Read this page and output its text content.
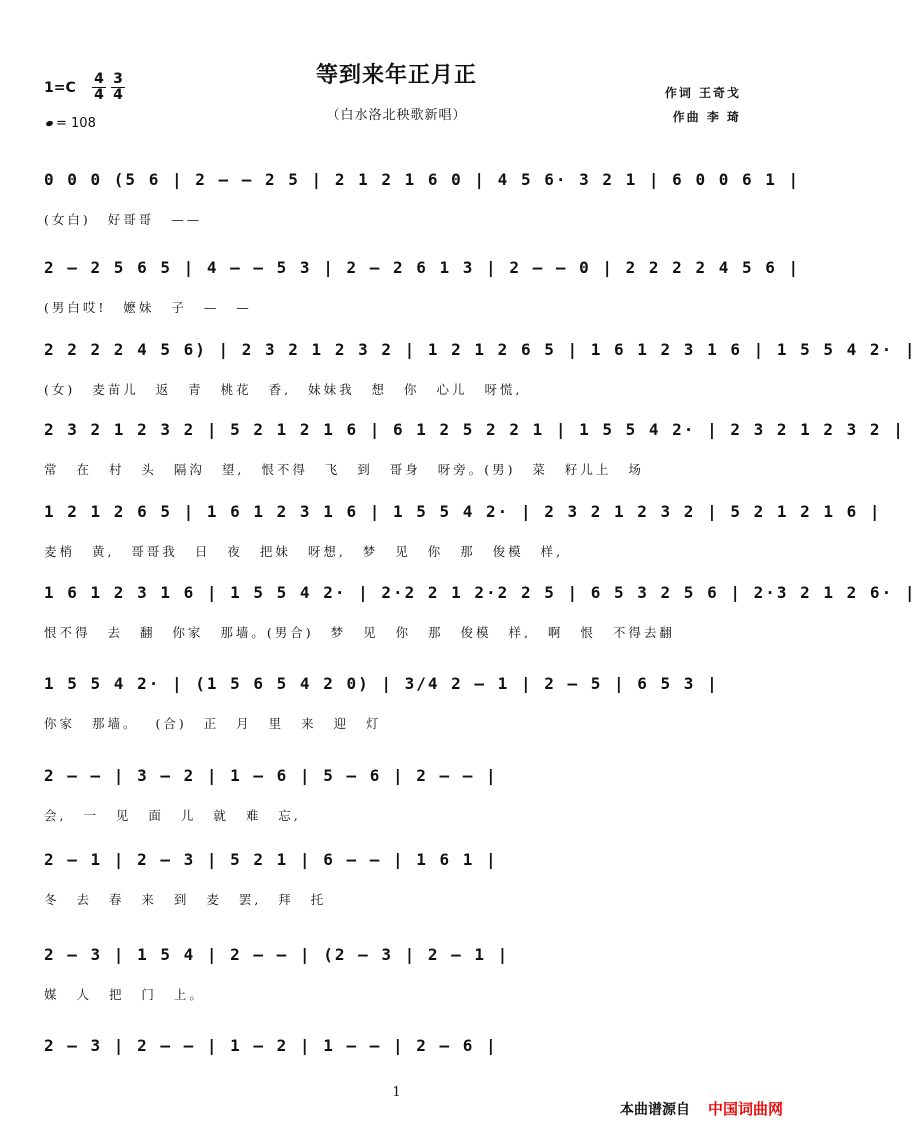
等到来年正月正
（白水洛北秧歌新唱）
1=C
4
4
3
4
= 108
作词 王奇戈
作曲 李 琦
0 0 0 (5 6 | 2 – – 2 5 | 2 1 2 1 6 0 | 4 5 6· 3 2 1 | 6 0 0 6 1 |
(女白) 好哥哥 ——
2 – 2 5 6 5 | 4 – – 5 3 | 2 – 2 6 1 3 | 2 – – 0 | 2 2 2 2 4 5 6 |
(男白哎! 嬷妹 子 — —
2 2 2 2 4 5 6) | 2 3 2 1 2 3 2 | 1 2 1 2 6 5 | 1 6 1 2 3 1 6 | 1 5 5 4 2· |
(女) 麦苗儿 返 青 桃花 香, 妹妹我 想 你 心儿 呀慌,
2 3 2 1 2 3 2 | 5 2 1 2 1 6 | 6 1 2 5 2 2 1 | 1 5 5 4 2· | 2 3 2 1 2 3 2 |
常 在 村 头 隔沟 望, 恨不得 飞 到 哥身 呀旁。(男) 菜 籽儿上 场
1 2 1 2 6 5 | 1 6 1 2 3 1 6 | 1 5 5 4 2· | 2 3 2 1 2 3 2 | 5 2 1 2 1 6 |
麦梢 黄, 哥哥我 日 夜 把妹 呀想, 梦 见 你 那 俊模 样,
1 6 1 2 3 1 6 | 1 5 5 4 2· | 2·2 2 1 2·2 2 5 | 6 5 3 2 5 6 | 2·3 2 1 2 6· |
恨不得 去 翻 你家 那墙。(男合) 梦 见 你 那 俊模 样, 啊 恨 不得去翻
1 5 5 4 2· | (1 5 6 5 4 2 0) | 3/4 2 – 1 | 2 – 5 | 6 5 3 |
你家 那墙。 (合) 正 月 里 来 迎 灯
2 – – | 3 – 2 | 1 – 6 | 5 – 6 | 2 – – |
会, 一 见 面 儿 就 难 忘,
2 – 1 | 2 – 3 | 5 2 1 | 6 – – | 1 6 1 |
冬 去 春 来 到 麦 罢, 拜 托
2 – 3 | 1 5 4 | 2 – – | (2 – 3 | 2 – 1 |
媒 人 把 门 上。
2 – 3 | 2 – – | 1 – 2 | 1 – – | 2 – 6 |
1
本曲谱源自 中国词曲网
